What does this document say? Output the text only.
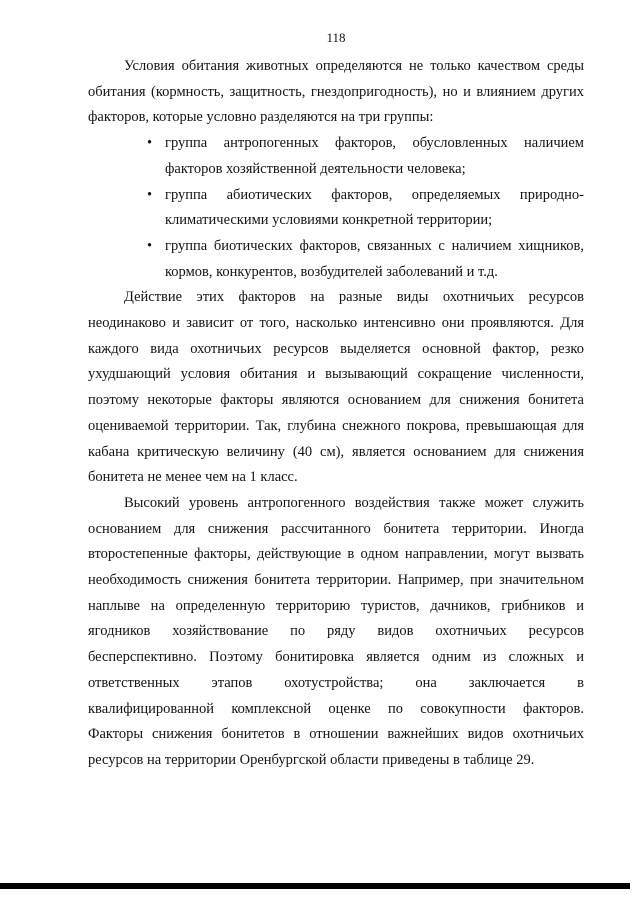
118
Условия обитания животных определяются не только качеством среды
обитания (кормность, защитность, гнездопригодность), но и влиянием других
факторов, которые условно разделяются на три группы:
•
группа антропогенных факторов, обусловленных наличием
факторов хозяйственной деятельности человека;
•
группа абиотических факторов, определяемых природно-
климатическими условиями конкретной территории;
•
группа биотических факторов, связанных с наличием хищников,
кормов, конкурентов, возбудителей заболеваний и т.д.
Действие этих факторов на разные виды охотничьих ресурсов
неодинаково и зависит от того, насколько интенсивно они проявляются. Для
каждого вида охотничьих ресурсов выделяется основной фактор, резко
ухудшающий условия обитания и вызывающий сокращение численности,
поэтому некоторые факторы являются основанием для снижения бонитета
оцениваемой территории. Так, глубина снежного покрова, превышающая для
кабана критическую величину (40 см), является основанием для снижения
бонитета не менее чем на 1 класс.
Высокий уровень антропогенного воздействия также может служить
основанием для снижения рассчитанного бонитета территории. Иногда
второстепенные факторы, действующие в одном направлении, могут вызвать
необходимость снижения бонитета территории. Например, при значительном
наплыве на определенную территорию туристов, дачников, грибников и
ягодников хозяйствование по ряду видов охотничьих ресурсов
бесперспективно. Поэтому бонитировка является одним из сложных и
ответственных этапов охотустройства; она заключается в
квалифицированной комплексной оценке по совокупности факторов.
Факторы снижения бонитетов в отношении важнейших видов охотничьих
ресурсов на территории Оренбургской области приведены в таблице 29.
